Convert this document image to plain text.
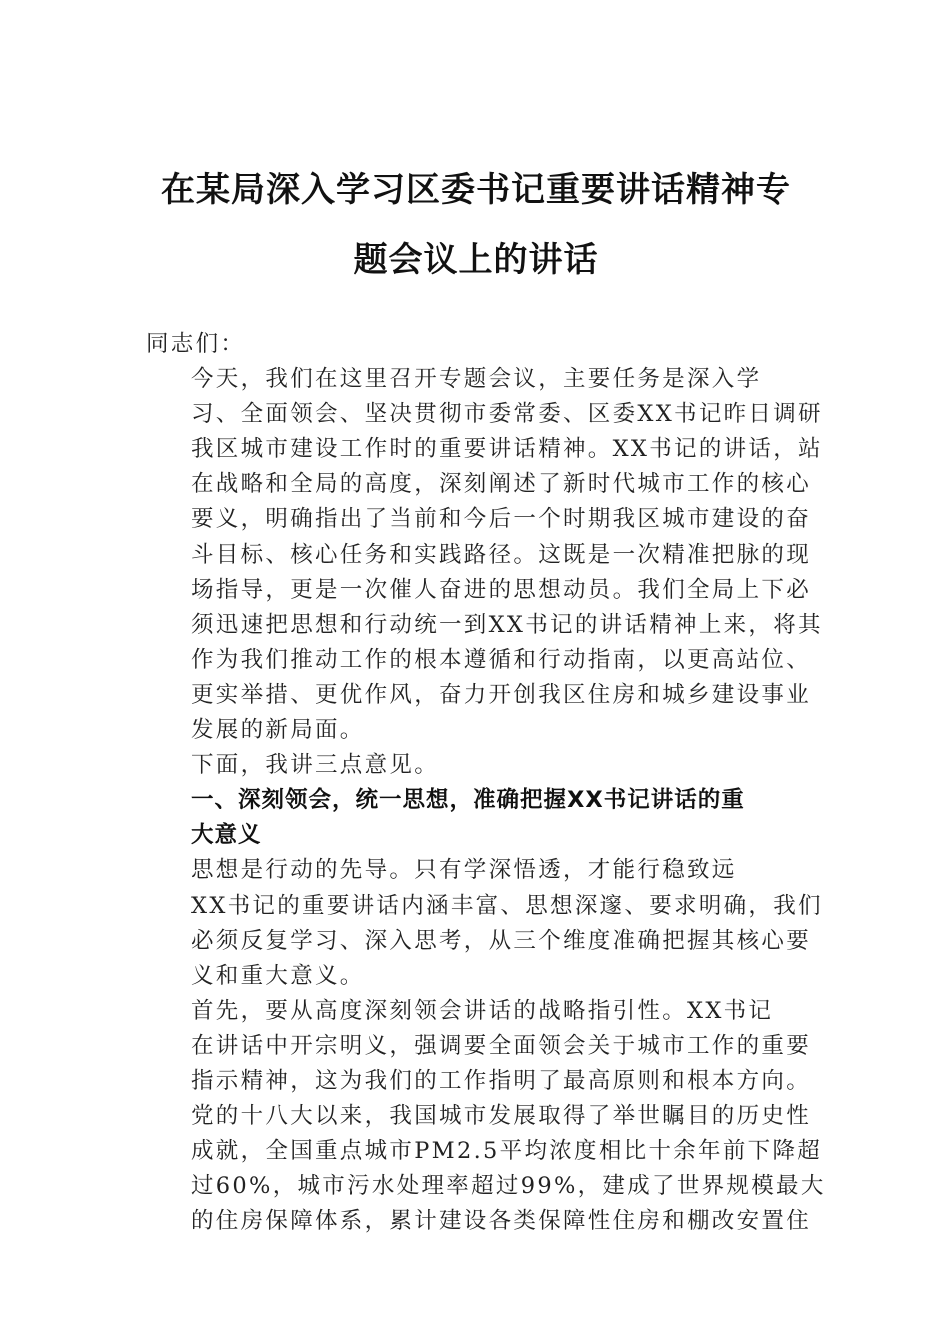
在某局深入学习区委书记重要讲话精神专
题会议上的讲话

同志们：

今天，我们在这里召开专题会议，主要任务是深入学
习、全面领会、坚决贯彻市委常委、区委XX书记昨日调研
我区城市建设工作时的重要讲话精神。XX书记的讲话，站
在战略和全局的高度，深刻阐述了新时代城市工作的核心
要义，明确指出了当前和今后一个时期我区城市建设的奋
斗目标、核心任务和实践路径。这既是一次精准把脉的现
场指导，更是一次催人奋进的思想动员。我们全局上下必
须迅速把思想和行动统一到XX书记的讲话精神上来，将其
作为我们推动工作的根本遵循和行动指南，以更高站位、
更实举措、更优作风，奋力开创我区住房和城乡建设事业
发展的新局面。

下面，我讲三点意见。

一、深刻领会，统一思想，准确把握XX书记讲话的重
大意义

思想是行动的先导。只有学深悟透，才能行稳致远
XX书记的重要讲话内涵丰富、思想深邃、要求明确，我们
必须反复学习、深入思考，从三个维度准确把握其核心要
义和重大意义。

首先，要从高度深刻领会讲话的战略指引性。XX书记
在讲话中开宗明义，强调要全面领会关于城市工作的重要
指示精神，这为我们的工作指明了最高原则和根本方向。
党的十八大以来，我国城市发展取得了举世瞩目的历史性
成就，全国重点城市PM2.5平均浓度相比十余年前下降超
过60%，城市污水处理率超过99%，建成了世界规模最大
的住房保障体系，累计建设各类保障性住房和棚改安置住
